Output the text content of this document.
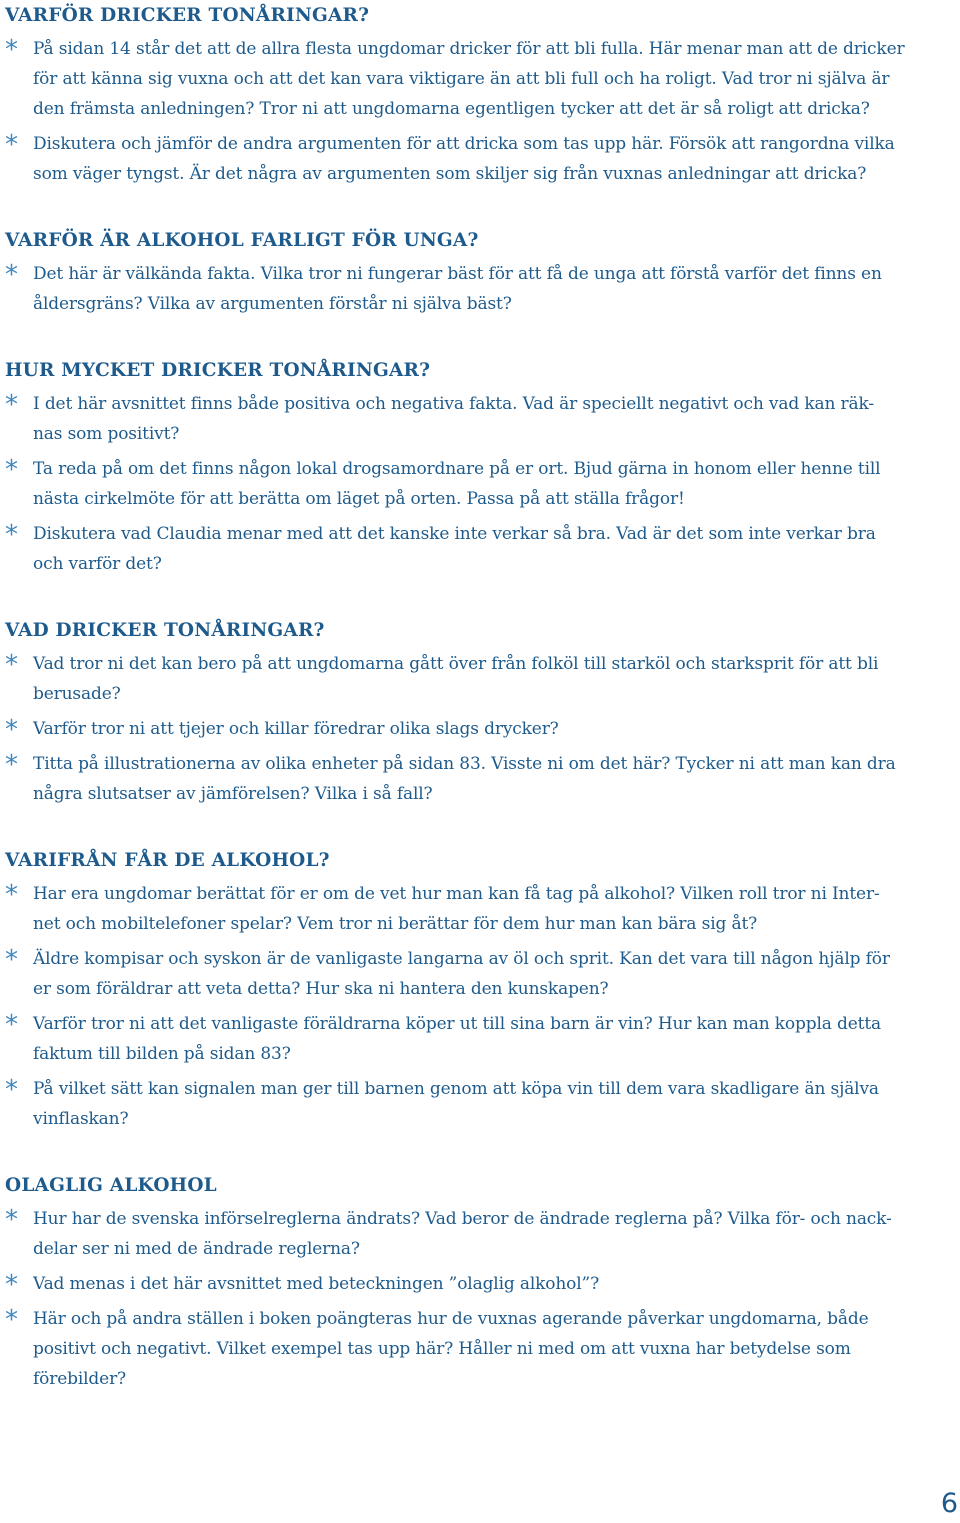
VARFÖR DRICKER TONÅRINGAR?
* På sidan 14 står det att de allra flesta ungdomar dricker för att bli fulla. Här menar man att de dricker
för att känna sig vuxna och att det kan vara viktigare än att bli full och ha roligt. Vad tror ni själva är
den främsta anledningen? Tror ni att ungdomarna egentligen tycker att det är så roligt att dricka?
* Diskutera och jämför de andra argumenten för att dricka som tas upp här. Försök att rangordna vilka
som väger tyngst. Är det några av argumenten som skiljer sig från vuxnas anledningar att dricka?
VARFÖR ÄR ALKOHOL FARLIGT FÖR UNGA?
* Det här är välkända fakta. Vilka tror ni fungerar bäst för att få de unga att förstå varför det finns en
åldersgräns? Vilka av argumenten förstår ni själva bäst?
HUR MYCKET DRICKER TONÅRINGAR?
* I det här avsnittet finns både positiva och negativa fakta. Vad är speciellt negativt och vad kan räk-
nas som positivt?
* Ta reda på om det finns någon lokal drogsamordnare på er ort. Bjud gärna in honom eller henne till
nästa cirkelmöte för att berätta om läget på orten. Passa på att ställa frågor!
* Diskutera vad Claudia menar med att det kanske inte verkar så bra. Vad är det som inte verkar bra
och varför det?
VAD DRICKER TONÅRINGAR?
* Vad tror ni det kan bero på att ungdomarna gått över från folköl till starköl och starksprit för att bli
berusade?
* Varför tror ni att tjejer och killar föredrar olika slags drycker?
* Titta på illustrationerna av olika enheter på sidan 83. Visste ni om det här? Tycker ni att man kan dra
några slutsatser av jämförelsen? Vilka i så fall?
VARIFRÅN FÅR DE ALKOHOL?
* Har era ungdomar berättat för er om de vet hur man kan få tag på alkohol? Vilken roll tror ni Inter-
net och mobiltelefoner spelar? Vem tror ni berättar för dem hur man kan bära sig åt?
* Äldre kompisar och syskon är de vanligaste langarna av öl och sprit. Kan det vara till någon hjälp för
er som föräldrar att veta detta? Hur ska ni hantera den kunskapen?
* Varför tror ni att det vanligaste föräldrarna köper ut till sina barn är vin? Hur kan man koppla detta
faktum till bilden på sidan 83?
* På vilket sätt kan signalen man ger till barnen genom att köpa vin till dem vara skadligare än själva
vinflaskan?
OLAGLIG ALKOHOL
* Hur har de svenska införselreglerna ändrats? Vad beror de ändrade reglerna på? Vilka för- och nack-
delar ser ni med de ändrade reglerna?
* Vad menas i det här avsnittet med beteckningen ”olaglig alkohol”?
* Här och på andra ställen i boken poängteras hur de vuxnas agerande påverkar ungdomarna, både
positivt och negativt. Vilket exempel tas upp här? Håller ni med om att vuxna har betydelse som
förebilder?
6
